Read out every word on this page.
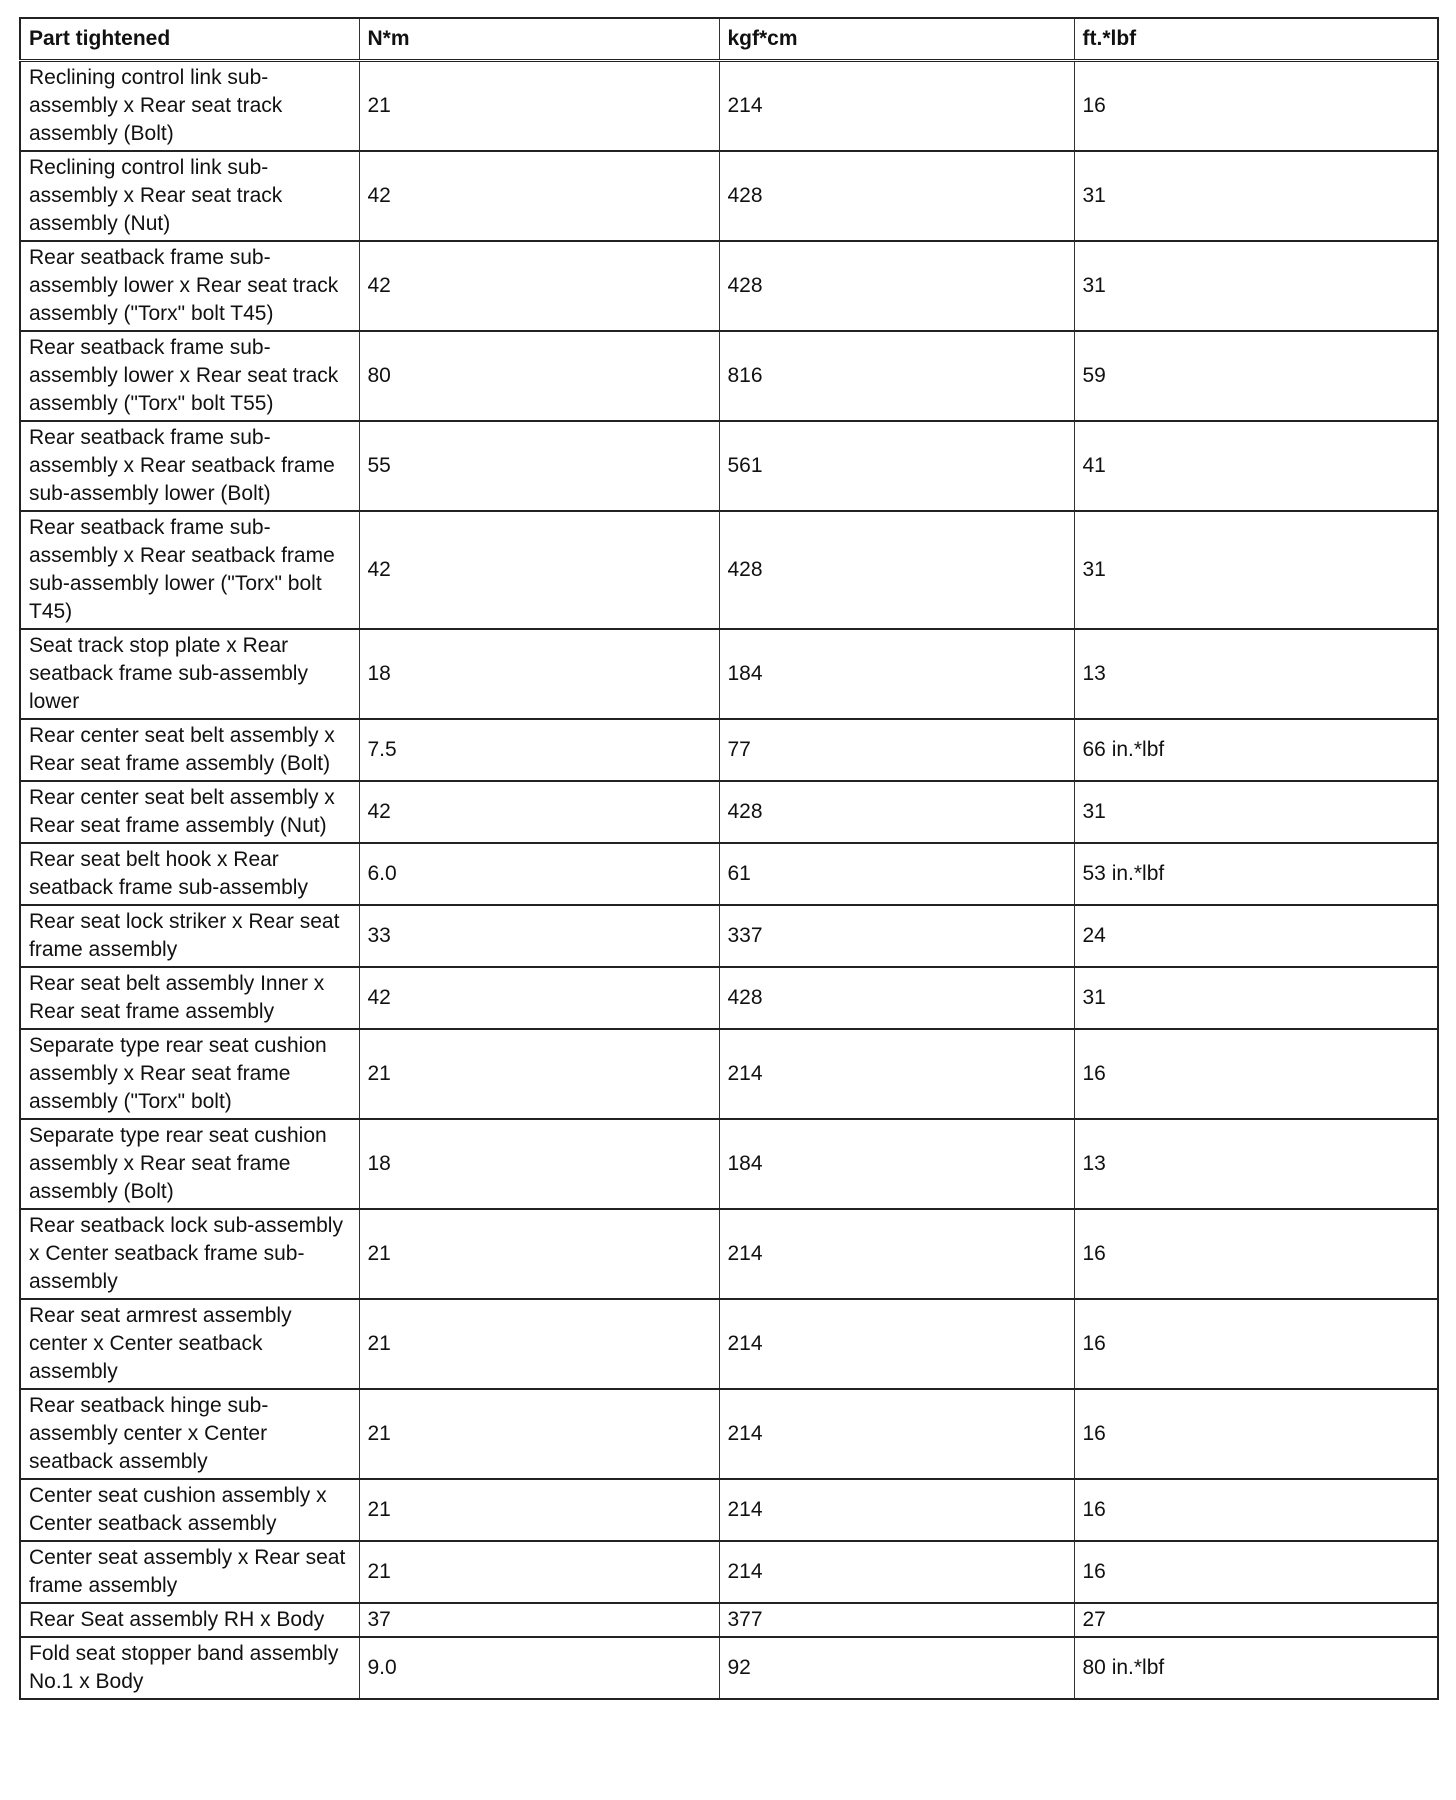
Part tightened	N*m	kgf*cm	ft.*lbf
Reclining control link sub-assembly x Rear seat track assembly (Bolt)	21	214	16
Reclining control link sub-assembly x Rear seat track assembly (Nut)	42	428	31
Rear seatback frame sub-assembly lower x Rear seat track assembly ("Torx" bolt T45)	42	428	31
Rear seatback frame sub-assembly lower x Rear seat track assembly ("Torx" bolt T55)	80	816	59
Rear seatback frame sub-assembly x Rear seatback frame sub-assembly lower (Bolt)	55	561	41
Rear seatback frame sub-assembly x Rear seatback frame sub-assembly lower ("Torx" bolt T45)	42	428	31
Seat track stop plate x Rear seatback frame sub-assembly lower	18	184	13
Rear center seat belt assembly x Rear seat frame assembly (Bolt)	7.5	77	66 in.*lbf
Rear center seat belt assembly x Rear seat frame assembly (Nut)	42	428	31
Rear seat belt hook x Rear seatback frame sub-assembly	6.0	61	53 in.*lbf
Rear seat lock striker x Rear seat frame assembly	33	337	24
Rear seat belt assembly Inner x Rear seat frame assembly	42	428	31
Separate type rear seat cushion assembly x Rear seat frame assembly ("Torx" bolt)	21	214	16
Separate type rear seat cushion assembly x Rear seat frame assembly (Bolt)	18	184	13
Rear seatback lock sub-assembly x Center seatback frame sub-assembly	21	214	16
Rear seat armrest assembly center x Center seatback assembly	21	214	16
Rear seatback hinge sub-assembly center x Center seatback assembly	21	214	16
Center seat cushion assembly x Center seatback assembly	21	214	16
Center seat assembly x Rear seat frame assembly	21	214	16
Rear Seat assembly RH x Body	37	377	27
Fold seat stopper band assembly No.1 x Body	9.0	92	80 in.*lbf
